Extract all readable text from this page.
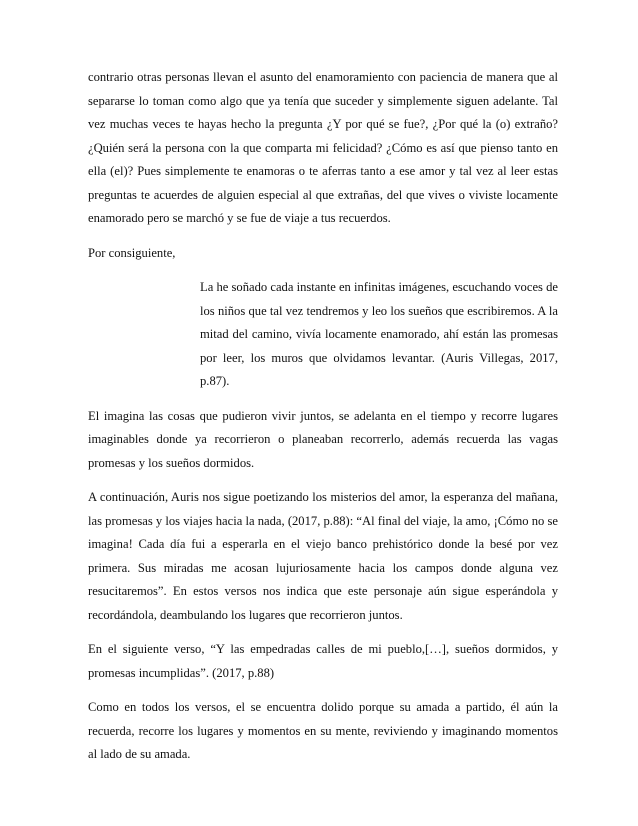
contrario otras personas llevan el asunto del enamoramiento con paciencia de manera que al separarse lo toman como algo que ya tenía que suceder y simplemente siguen adelante. Tal vez muchas veces te hayas hecho la pregunta ¿Y por qué se fue?, ¿Por qué la (o) extraño? ¿Quién será la persona con la que comparta mi felicidad? ¿Cómo es así que pienso tanto en ella (el)? Pues simplemente te enamoras o te aferras tanto a ese amor y tal vez al leer estas preguntas te acuerdes de alguien especial al que extrañas, del que vives o viviste locamente enamorado pero se marchó y se fue de viaje a tus recuerdos.

Por consiguiente,

La he soñado cada instante en infinitas imágenes, escuchando voces de los niños que tal vez tendremos y leo los sueños que escribiremos. A la mitad del camino, vivía locamente enamorado, ahí están las promesas por leer, los muros que olvidamos levantar. (Auris Villegas, 2017, p.87).

El imagina las cosas que pudieron vivir juntos, se adelanta en el tiempo y recorre lugares imaginables donde ya recorrieron o planeaban recorrerlo, además recuerda las vagas promesas y los sueños dormidos.

A continuación, Auris nos sigue poetizando los misterios del amor, la esperanza del mañana, las promesas y los viajes hacia la nada, (2017, p.88): “Al final del viaje, la amo, ¡Cómo no se imagina! Cada día fui a esperarla en el viejo banco prehistórico donde la besé por vez primera. Sus miradas me acosan lujuriosamente hacia los campos donde alguna vez resucitaremos”. En estos versos nos indica que este personaje aún sigue esperándola y recordándola, deambulando los lugares que recorrieron juntos.

En el siguiente verso, “Y las empedradas calles de mi pueblo,[…], sueños dormidos, y promesas incumplidas”. (2017, p.88)

Como en todos los versos, el se encuentra dolido porque su amada a partido, él aún la recuerda, recorre los lugares y momentos en su mente, reviviendo y imaginando momentos al lado de su amada.
